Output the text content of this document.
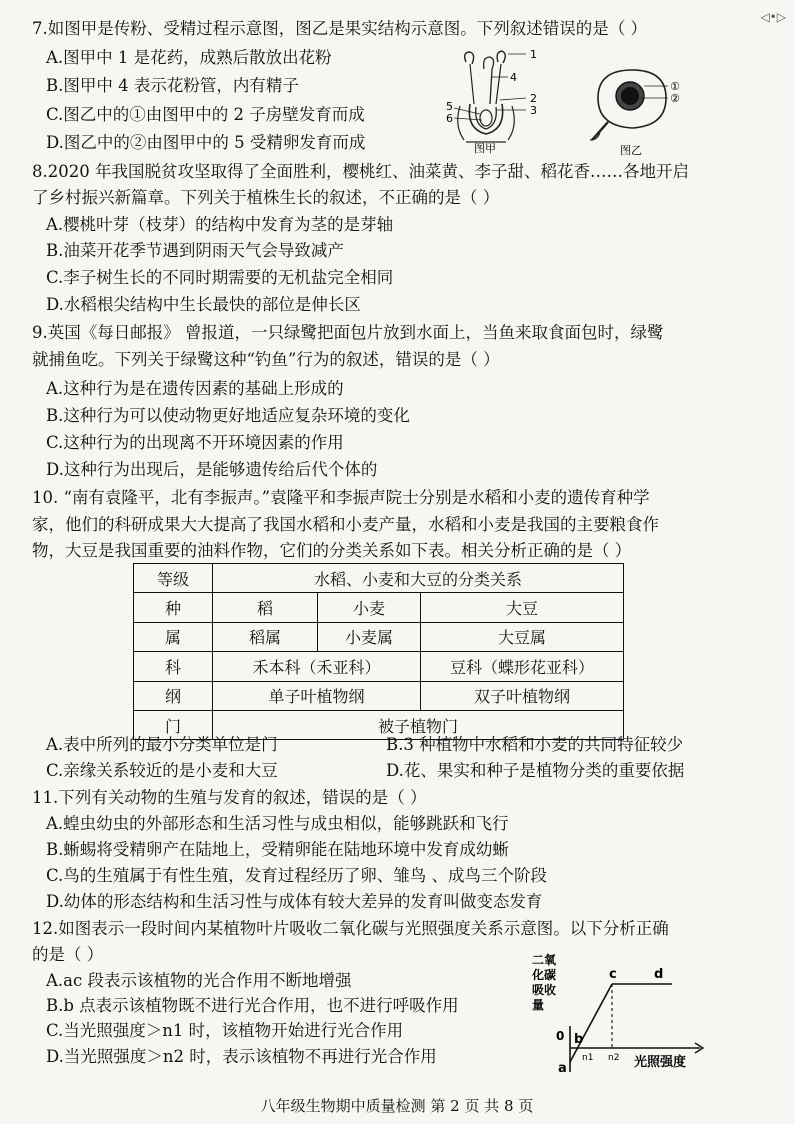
◁•▷
7.如图甲是传粉、受精过程示意图，图乙是果实结构示意图。下列叙述错误的是（ ）
A.图甲中 1 是花药，成熟后散放出花粉
B.图甲中 4 表示花粉管，内有精子
C.图乙中的①由图甲中的 2 子房壁发育而成
D.图乙中的②由图甲中的 5 受精卵发育而成
1
4
2
3
5
6
图甲
①
②
图乙
8.2020 年我国脱贫攻坚取得了全面胜利，樱桃红、油菜黄、李子甜、稻花香……各地开启
了乡村振兴新篇章。下列关于植株生长的叙述，不正确的是（ ）
A.樱桃叶芽（枝芽）的结构中发育为茎的是芽轴
B.油菜开花季节遇到阴雨天气会导致减产
C.李子树生长的不同时期需要的无机盐完全相同
D.水稻根尖结构中生长最快的部位是伸长区
9.英国《每日邮报》 曾报道，一只绿鹭把面包片放到水面上，当鱼来取食面包时，绿鹭
就捕鱼吃。下列关于绿鹭这种“钓鱼”行为的叙述，错误的是（ ）
A.这种行为是在遗传因素的基础上形成的
B.这种行为可以使动物更好地适应复杂环境的变化
C.这种行为的出现离不开环境因素的作用
D.这种行为出现后，是能够遗传给后代个体的
10. “南有袁隆平，北有李振声。”袁隆平和李振声院士分别是水稻和小麦的遗传育种学
家，他们的科研成果大大提高了我国水稻和小麦产量，水稻和小麦是我国的主要粮食作
物，大豆是我国重要的油料作物，它们的分类关系如下表。相关分析正确的是（ ）
等级	水稻、小麦和大豆的分类关系		
种	稻	小麦	大豆
属	稻属	小麦属	大豆属
科	禾本科（禾亚科）		豆科（蝶形花亚科）
纲	单子叶植物纲		双子叶植物纲
门	被子植物门		
A.表中所列的最小分类单位是门	B.3 种植物中水稻和小麦的共同特征较少
C.亲缘关系较近的是小麦和大豆	D.花、果实和种子是植物分类的重要依据
11.下列有关动物的生殖与发育的叙述，错误的是（ ）
A.蝗虫幼虫的外部形态和生活习性与成虫相似，能够跳跃和飞行
B.蜥蜴将受精卵产在陆地上，受精卵能在陆地环境中发育成幼蜥
C.鸟的生殖属于有性生殖，发育过程经历了卵、雏鸟 、成鸟三个阶段
D.幼体的形态结构和生活习性与成体有较大差异的发育叫做变态发育
12.如图表示一段时间内某植物叶片吸收二氧化碳与光照强度关系示意图。以下分析正确
的是（ ）
A.ac 段表示该植物的光合作用不断地增强
B.b 点表示该植物既不进行光合作用，也不进行呼吸作用
C.当光照强度＞n1 时，该植物开始进行光合作用
D.当光照强度＞n2 时，表示该植物不再进行光合作用
二氧
化碳
吸收
量
c	d
b
a
0
n1 n2 光照强度
八年级生物期中质量检测 第 2 页 共 8 页
